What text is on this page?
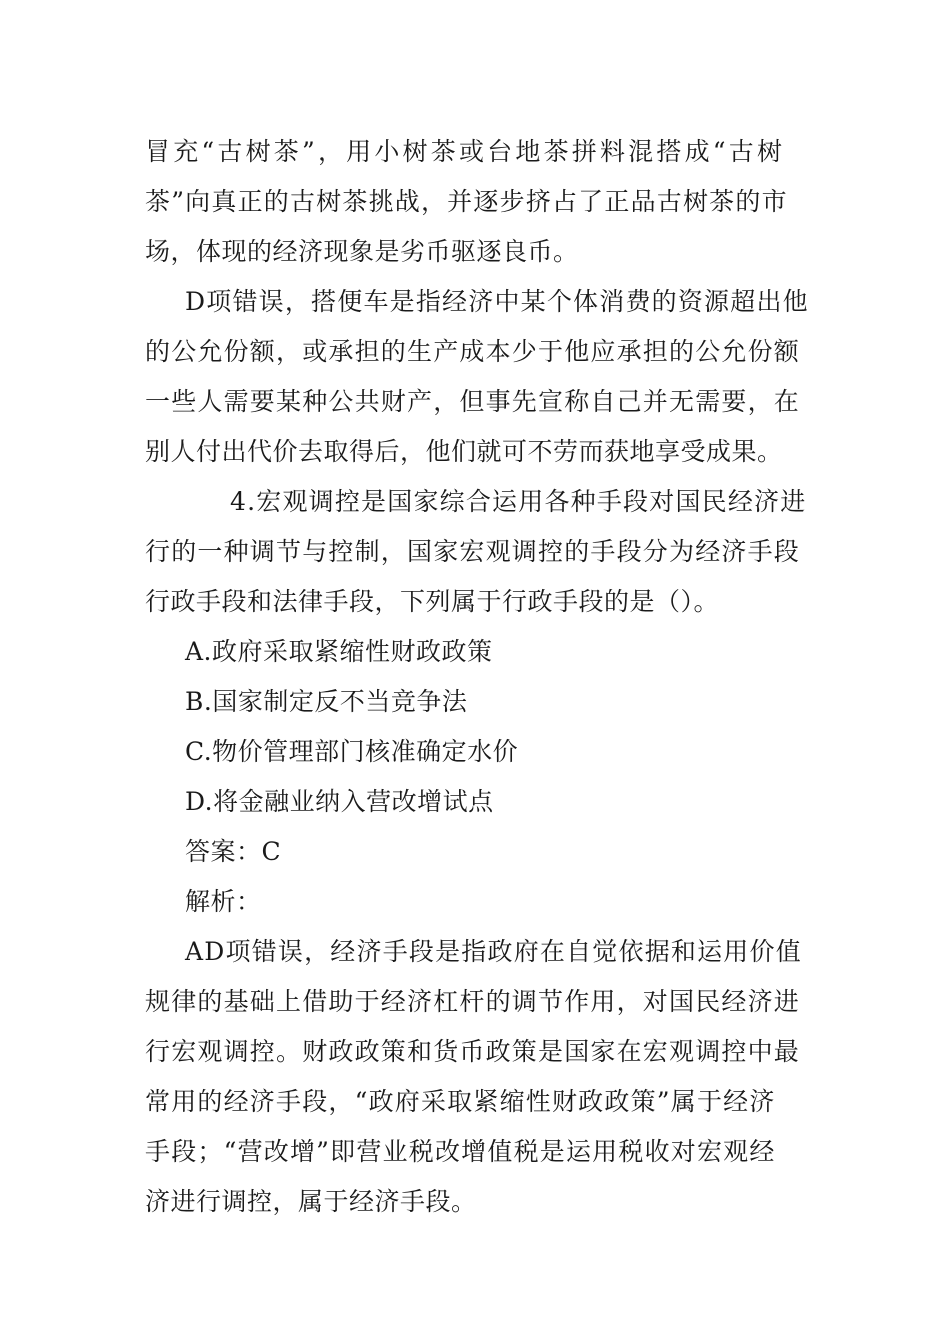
冒充“古树茶”，用小树茶或台地茶拼料混搭成“古树
茶”向真正的古树茶挑战，并逐步挤占了正品古树茶的市
场，体现的经济现象是劣币驱逐良币。
D项错误，搭便车是指经济中某个体消费的资源超出他
的公允份额，或承担的生产成本少于他应承担的公允份额
一些人需要某种公共财产，但事先宣称自己并无需要，在
别人付出代价去取得后，他们就可不劳而获地享受成果。
4.宏观调控是国家综合运用各种手段对国民经济进
行的一种调节与控制，国家宏观调控的手段分为经济手段
行政手段和法律手段，下列属于行政手段的是（）。
A.政府采取紧缩性财政政策
B.国家制定反不当竞争法
C.物价管理部门核准确定水价
D.将金融业纳入营改增试点
答案：C
解析：
AD项错误，经济手段是指政府在自觉依据和运用价值
规律的基础上借助于经济杠杆的调节作用，对国民经济进
行宏观调控。财政政策和货币政策是国家在宏观调控中最
常用的经济手段，“政府采取紧缩性财政政策”属于经济
手段；“营改增”即营业税改增值税是运用税收对宏观经
济进行调控，属于经济手段。
